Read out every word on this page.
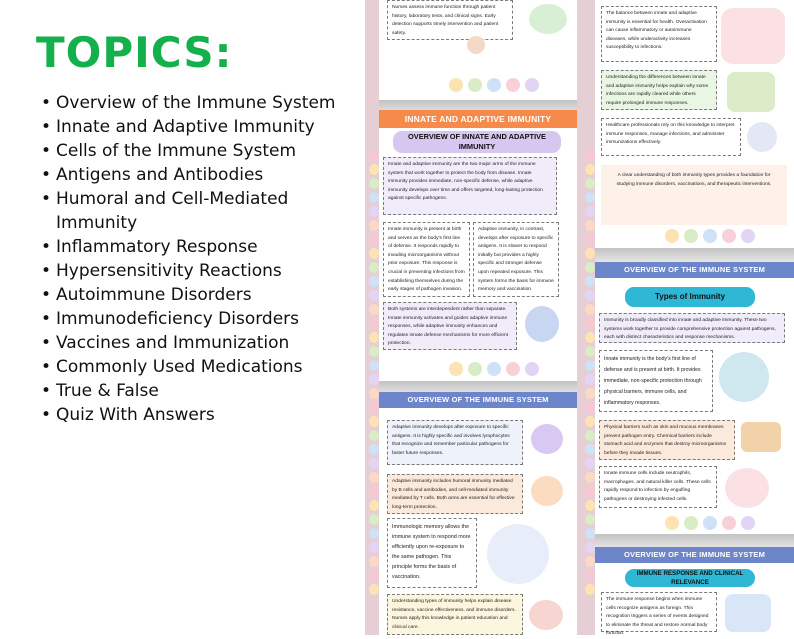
TOPICS:
• Overview of the Immune System
• Innate and Adaptive Immunity
• Cells of the Immune System
• Antigens and Antibodies
• Humoral and Cell-Mediated Immunity
• Inflammatory Response
• Hypersensitivity Reactions
• Autoimmune Disorders
• Immunodeficiency Disorders
• Vaccines and Immunization
• Commonly Used Medications
• True & False
• Quiz With Answers
Nurses assess immune function through patient history, laboratory tests, and clinical signs. Early detection supports timely intervention and patient safety.
INNATE AND ADAPTIVE IMMUNITY
OVERVIEW OF INNATE AND ADAPTIVE IMMUNITY
Innate and adaptive immunity are the two major arms of the immune system that work together to protect the body from disease. Innate immunity provides immediate, non-specific defense, while adaptive immunity develops over time and offers targeted, long-lasting protection against specific pathogens.
Innate immunity is present at birth and serves as the body's first line of defense. It responds rapidly to invading microorganisms without prior exposure. This response is crucial in preventing infections from establishing themselves during the early stages of pathogen invasion.
Adaptive immunity, in contrast, develops after exposure to specific antigens. It is slower to respond initially but provides a highly specific and stronger defense upon repeated exposure. This system forms the basis for immune memory and vaccination.
Both systems are interdependent rather than separate. Innate immunity activates and guides adaptive immune responses, while adaptive immunity enhances and regulates innate defense mechanisms for more efficient protection.
OVERVIEW OF THE IMMUNE SYSTEM
Adaptive immunity develops after exposure to specific antigens. It is highly specific and involves lymphocytes that recognize and remember particular pathogens for faster future responses.
Adaptive immunity includes humoral immunity mediated by B cells and antibodies, and cell-mediated immunity mediated by T cells. Both arms are essential for effective long-term protection.
Immunologic memory allows the immune system to respond more efficiently upon re-exposure to the same pathogen. This principle forms the basis of vaccination.
Understanding types of immunity helps explain disease resistance, vaccine effectiveness, and immune disorders. Nurses apply this knowledge in patient education and clinical care.
The balance between innate and adaptive immunity is essential for health. Overactivation can cause inflammatory or autoimmune diseases, while underactivity increases susceptibility to infections.
Understanding the differences between innate and adaptive immunity helps explain why some infections are rapidly cleared while others require prolonged immune responses.
Healthcare professionals rely on this knowledge to interpret immune responses, manage infections, and administer immunizations effectively.
A clear understanding of both immunity types provides a foundation for studying immune disorders, vaccinations, and therapeutic interventions.
OVERVIEW OF THE IMMUNE SYSTEM
Types of Immunity
Immunity is broadly classified into innate and adaptive immunity. These two systems work together to provide comprehensive protection against pathogens, each with distinct characteristics and response mechanisms.
Innate immunity is the body's first line of defense and is present at birth. It provides immediate, non-specific protection through physical barriers, immune cells, and inflammatory responses.
Physical barriers such as skin and mucous membranes prevent pathogen entry. Chemical barriers include stomach acid and enzymes that destroy microorganisms before they invade tissues.
Innate immune cells include neutrophils, macrophages, and natural killer cells. These cells rapidly respond to infection by engulfing pathogens or destroying infected cells.
OVERVIEW OF THE IMMUNE SYSTEM
IMMUNE RESPONSE AND CLINICAL RELEVANCE
The immune response begins when immune cells recognize antigens as foreign. This recognition triggers a series of events designed to eliminate the threat and restore normal body function.
